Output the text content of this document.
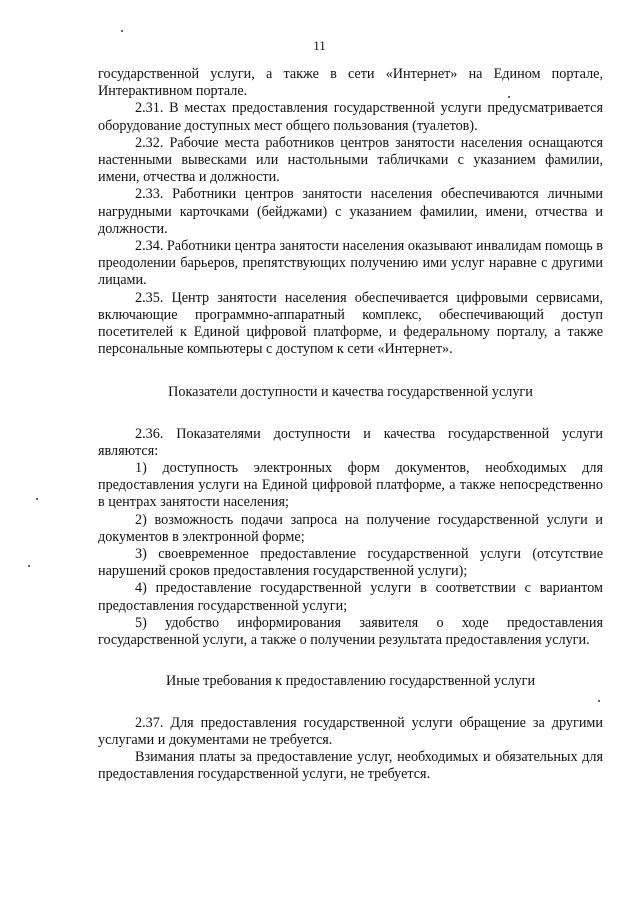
11

государственной услуги, а также в сети «Интернет» на Едином портале, Интерактивном портале.

2.31. В местах предоставления государственной услуги предусматривается оборудование доступных мест общего пользования (туалетов).

2.32. Рабочие места работников центров занятости населения оснащаются настенными вывесками или настольными табличками с указанием фамилии, имени, отчества и должности.

2.33. Работники центров занятости населения обеспечиваются личными нагрудными карточками (бейджами) с указанием фамилии, имени, отчества и должности.

2.34. Работники центра занятости населения оказывают инвалидам помощь в преодолении барьеров, препятствующих получению ими услуг наравне с другими лицами.

2.35. Центр занятости населения обеспечивается цифровыми сервисами, включающие программно-аппаратный комплекс, обеспечивающий доступ посетителей к Единой цифровой платформе, и федеральному порталу, а также персональные компьютеры с доступом к сети «Интернет».

Показатели доступности и качества государственной услуги

2.36. Показателями доступности и качества государственной услуги являются:

1) доступность электронных форм документов, необходимых для предоставления услуги на Единой цифровой платформе, а также непосредственно в центрах занятости населения;

2) возможность подачи запроса на получение государственной услуги и документов в электронной форме;

3) своевременное предоставление государственной услуги (отсутствие нарушений сроков предоставления государственной услуги);

4) предоставление государственной услуги в соответствии с вариантом предоставления государственной услуги;

5) удобство информирования заявителя о ходе предоставления государственной услуги, а также о получении результата предоставления услуги.

Иные требования к предоставлению государственной услуги

2.37. Для предоставления государственной услуги обращение за другими услугами и документами не требуется.

Взимания платы за предоставление услуг, необходимых и обязательных для предоставления государственной услуги, не требуется.
